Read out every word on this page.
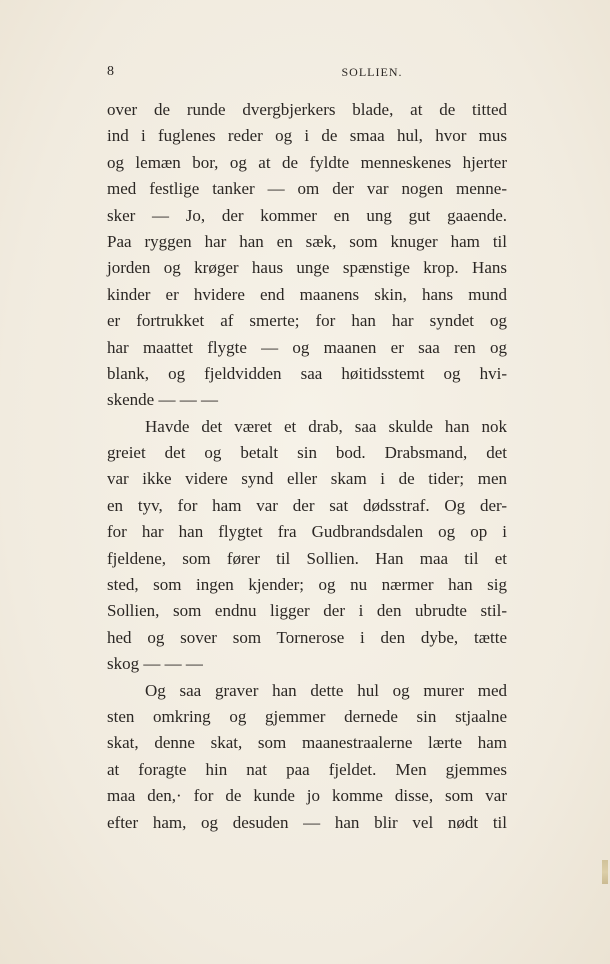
8	SOLLIEN.
over de runde dvergbjerkers blade, at de titted
ind i fuglenes reder og i de smaa hul, hvor mus
og lemæn bor, og at de fyldte menneskenes hjerter
med festlige tanker — om der var nogen menne-
sker — Jo, der kommer en ung gut gaaende.
Paa ryggen har han en sæk, som knuger ham til
jorden og krøger haus unge spænstige krop. Hans
kinder er hvidere end maanens skin, hans mund
er fortrukket af smerte; for han har syndet og
har maattet flygte — og maanen er saa ren og
blank, og fjeldvidden saa høitidsstemt og hvi-
skende — — —
Havde det været et drab, saa skulde han nok
greiet det og betalt sin bod. Drabsmand, det
var ikke videre synd eller skam i de tider; men
en tyv, for ham var der sat dødsstraf. Og der-
for har han flygtet fra Gudbrandsdalen og op i
fjeldene, som fører til Sollien. Han maa til et
sted, som ingen kjender; og nu nærmer han sig
Sollien, som endnu ligger der i den ubrudte stil-
hed og sover som Tornerose i den dybe, tætte
skog — — —
Og saa graver han dette hul og murer med
sten omkring og gjemmer dernede sin stjaalne
skat, denne skat, som maanestraalerne lærte ham
at foragte hin nat paa fjeldet. Men gjemmes
maa den,· for de kunde jo komme disse, som var
efter ham, og desuden — han blir vel nødt til
